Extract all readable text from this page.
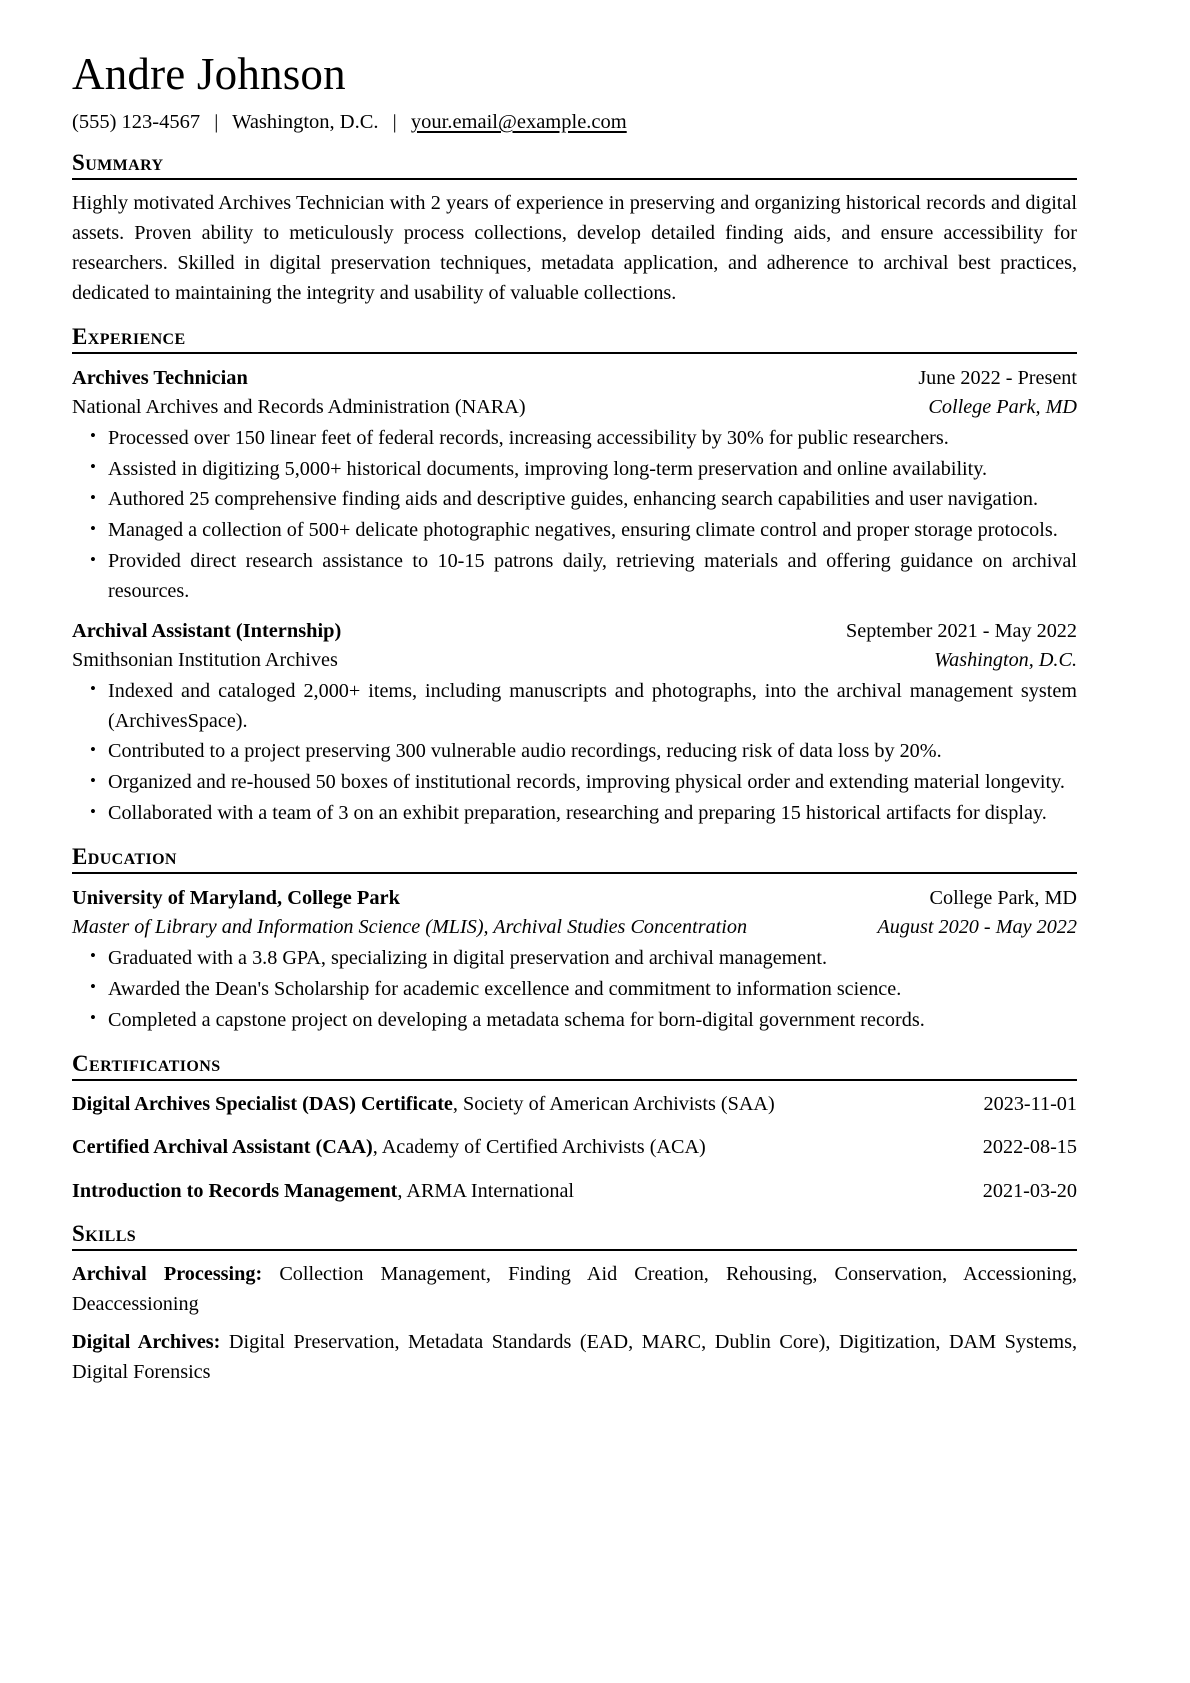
Andre Johnson
(555) 123-4567 | Washington, D.C. | your.email@example.com
Summary

Highly motivated Archives Technician with 2 years of experience in preserving and organizing historical records and digital assets. Proven ability to meticulously process collections, develop detailed finding aids, and ensure accessibility for researchers. Skilled in digital preservation techniques, metadata application, and adherence to archival best practices, dedicated to maintaining the integrity and usability of valuable collections.

Experience
Archives Technician	June 2022 - Present
National Archives and Records Administration (NARA)	College Park, MD
• Processed over 150 linear feet of federal records, increasing accessibility by 30% for public researchers.
• Assisted in digitizing 5,000+ historical documents, improving long-term preservation and online availability.
• Authored 25 comprehensive finding aids and descriptive guides, enhancing search capabilities and user navigation.
• Managed a collection of 500+ delicate photographic negatives, ensuring climate control and proper storage protocols.
• Provided direct research assistance to 10-15 patrons daily, retrieving materials and offering guidance on archival resources.
Archival Assistant (Internship)	September 2021 - May 2022
Smithsonian Institution Archives	Washington, D.C.
• Indexed and cataloged 2,000+ items, including manuscripts and photographs, into the archival management system (ArchivesSpace).
• Contributed to a project preserving 300 vulnerable audio recordings, reducing risk of data loss by 20%.
• Organized and re-housed 50 boxes of institutional records, improving physical order and extending material longevity.
• Collaborated with a team of 3 on an exhibit preparation, researching and preparing 15 historical artifacts for display.
Education
University of Maryland, College Park	College Park, MD
Master of Library and Information Science (MLIS), Archival Studies Concentration	August 2020 - May 2022
• Graduated with a 3.8 GPA, specializing in digital preservation and archival management.
• Awarded the Dean's Scholarship for academic excellence and commitment to information science.
• Completed a capstone project on developing a metadata schema for born-digital government records.
Certifications
Digital Archives Specialist (DAS) Certificate, Society of American Archivists (SAA)	2023-11-01
Certified Archival Assistant (CAA), Academy of Certified Archivists (ACA)	2022-08-15
Introduction to Records Management, ARMA International	2021-03-20
Skills
Archival Processing: Collection Management, Finding Aid Creation, Rehousing, Conservation, Accessioning, Deaccessioning
Digital Archives: Digital Preservation, Metadata Standards (EAD, MARC, Dublin Core), Digitization, DAM Systems, Digital Forensics
